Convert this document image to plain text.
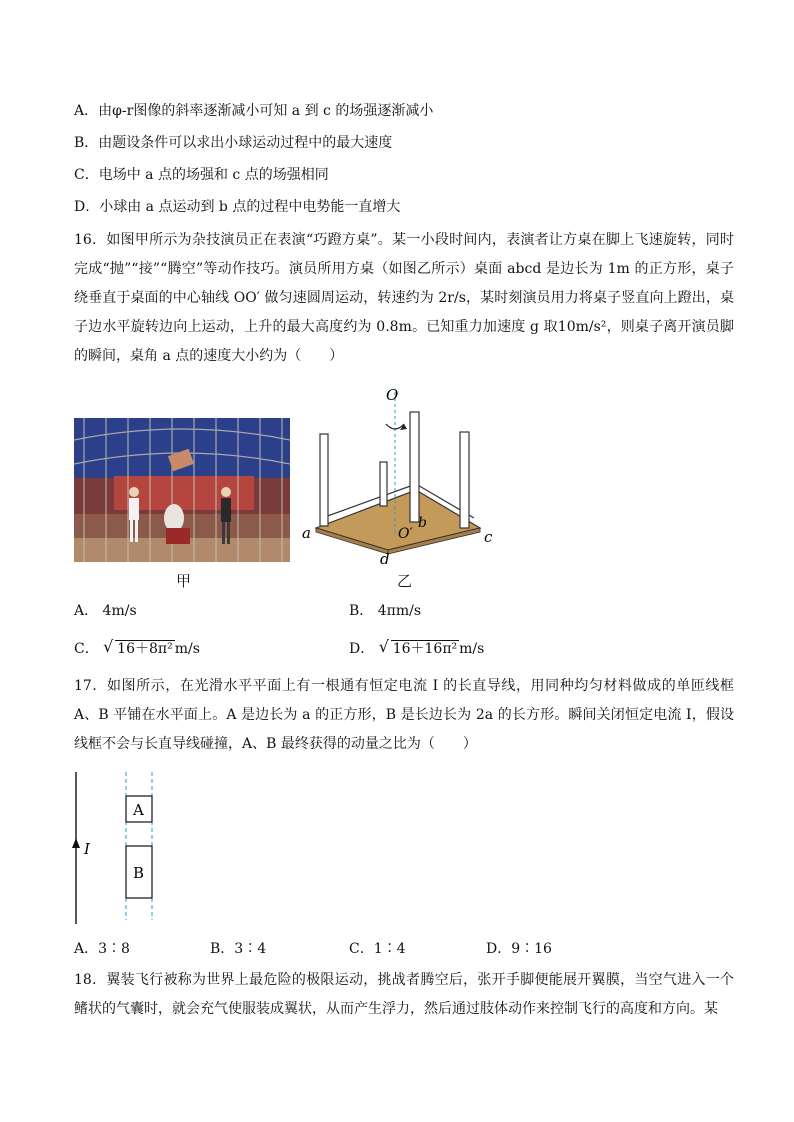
A．由φ-r图像的斜率逐渐减小可知 a 到 c 的场强逐渐减小
B．由题设条件可以求出小球运动过程中的最大速度
C．电场中 a 点的场强和 c 点的场强相同
D．小球由 a 点运动到 b 点的过程中电势能一直增大
16．如图甲所示为杂技演员正在表演“巧蹬方桌”。某一小段时间内，表演者让方桌在脚上飞速旋转，同时完成“抛”“接”“腾空”等动作技巧。演员所用方桌（如图乙所示）桌面 abcd 是边长为 1m 的正方形，桌子绕垂直于桌面的中心轴线 OO′ 做匀速圆周运动，转速约为 2r/s，某时刻演员用力将桌子竖直向上蹬出，桌子边水平旋转边向上运动，上升的最大高度约为 0.8m。已知重力加速度 g 取10m/s²，则桌子离开演员脚的瞬间，桌角 a 点的速度大小约为（　　）
甲
O
O′
a
b
c
d
乙
A． 4m/s	B． 4πm/s
C． √ 16＋8π² m/s	D． √ 16＋16π² m/s
17．如图所示，在光滑水平平面上有一根通有恒定电流 I 的长直导线，用同种均匀材料做成的单匝线框 A、B 平铺在水平面上。A 是边长为 a 的正方形，B 是长边长为 2a 的长方形。瞬间关闭恒定电流 I，假设线框不会与长直导线碰撞，A、B 最终获得的动量之比为（　　）
I
A
B
A．3∶8	B．3∶4	C．1∶4	D．9∶16
18．翼装飞行被称为世界上最危险的极限运动，挑战者腾空后，张开手脚便能展开翼膜，当空气进入一个鳍状的气囊时，就会充气使服装成翼状，从而产生浮力，然后通过肢体动作来控制飞行的高度和方向。某
